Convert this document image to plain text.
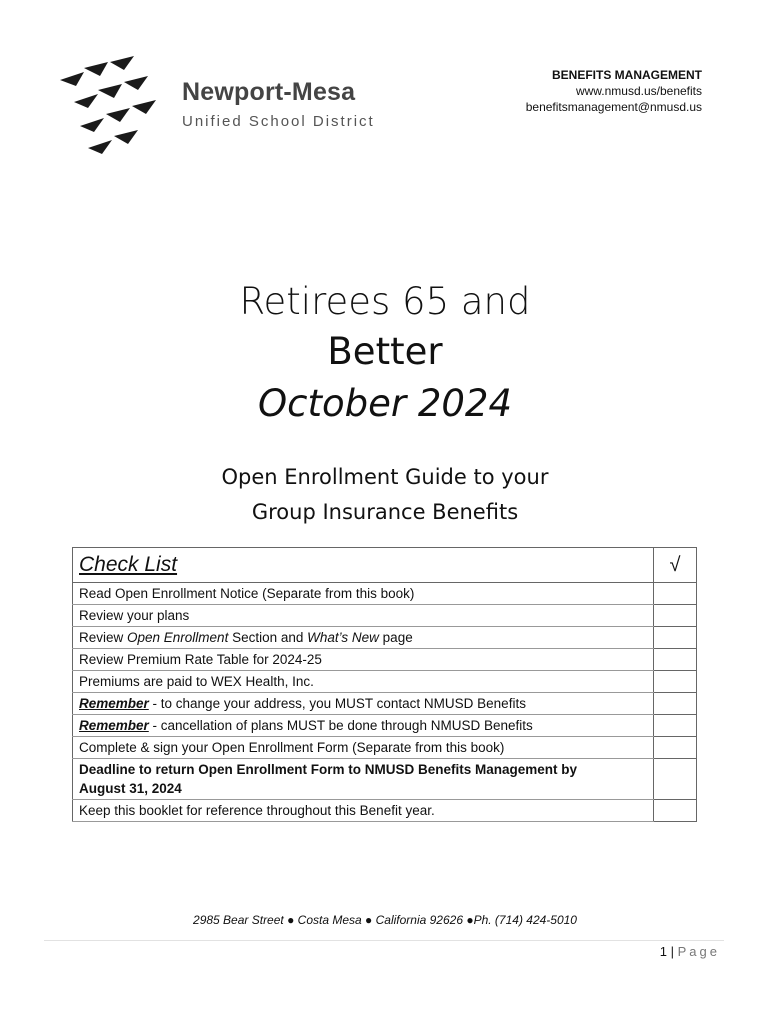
Newport-Mesa
Unified School District
BENEFITS MANAGEMENT
www.nmusd.us/benefits
benefitsmanagement@nmusd.us
Retirees 65 and
Better
October 2024
Open Enrollment Guide to your
Group Insurance Benefits
Check List	√
Read Open Enrollment Notice (Separate from this book)	
Review your plans	
Review Open Enrollment Section and What’s New page	
Review Premium Rate Table for 2024-25	
Premiums are paid to WEX Health, Inc.	
Remember - to change your address, you MUST contact NMUSD Benefits	
Remember - cancellation of plans MUST be done through NMUSD Benefits	
Complete & sign your Open Enrollment Form (Separate from this book)	
Deadline to return Open Enrollment Form to NMUSD Benefits Management by
August 31, 2024	
Keep this booklet for reference throughout this Benefit year.	
2985 Bear Street ● Costa Mesa ● California 92626 ●Ph. (714) 424-5010
1 | Page
